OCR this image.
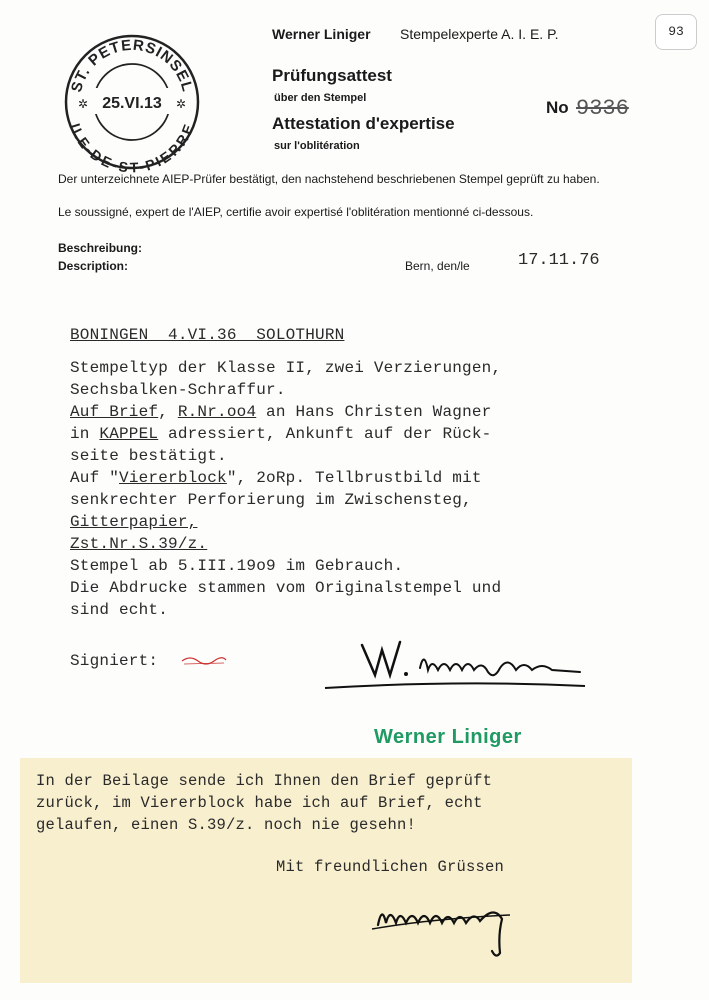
93
ST. PETERSINSEL
ILE-DE-ST-PIERRE
25.VI.13
✲	✲
Werner Liniger Stempelexperte A. I. E. P.
Prüfungsattest
über den Stempel
Attestation d'expertise
sur l'oblitération
No 9336
Der unterzeichnete AIEP-Prüfer bestätigt, den nachstehend beschriebenen Stempel geprüft zu haben.
Le soussigné, expert de l'AIEP, certifie avoir expertisé l'oblitération mentionné ci-dessous.
Beschreibung:
Description:	Bern, den/le	17.11.76
BONINGEN  4.VI.36  SOLOTHURN
Stempeltyp der Klasse II, zwei Verzierungen,
Sechsbalken-Schraffur.
Auf Brief, R.Nr.oo4 an Hans Christen Wagner
in KAPPEL adressiert, Ankunft auf der Rück-
seite bestätigt.
Auf "Viererblock", 2oRp. Tellbrustbild mit
senkrechter Perforierung im Zwischensteg,
Gitterpapier,
Zst.Nr.S.39/z.
Stempel ab 5.III.19o9 im Gebrauch.
Die Abdrucke stammen vom Originalstempel und
sind echt.
Signiert:
Werner Liniger
In der Beilage sende ich Ihnen den Brief geprüft
zurück, im Viererblock habe ich auf Brief, echt
gelaufen, einen S.39/z. noch nie gesehn!
Mit freundlichen Grüssen
